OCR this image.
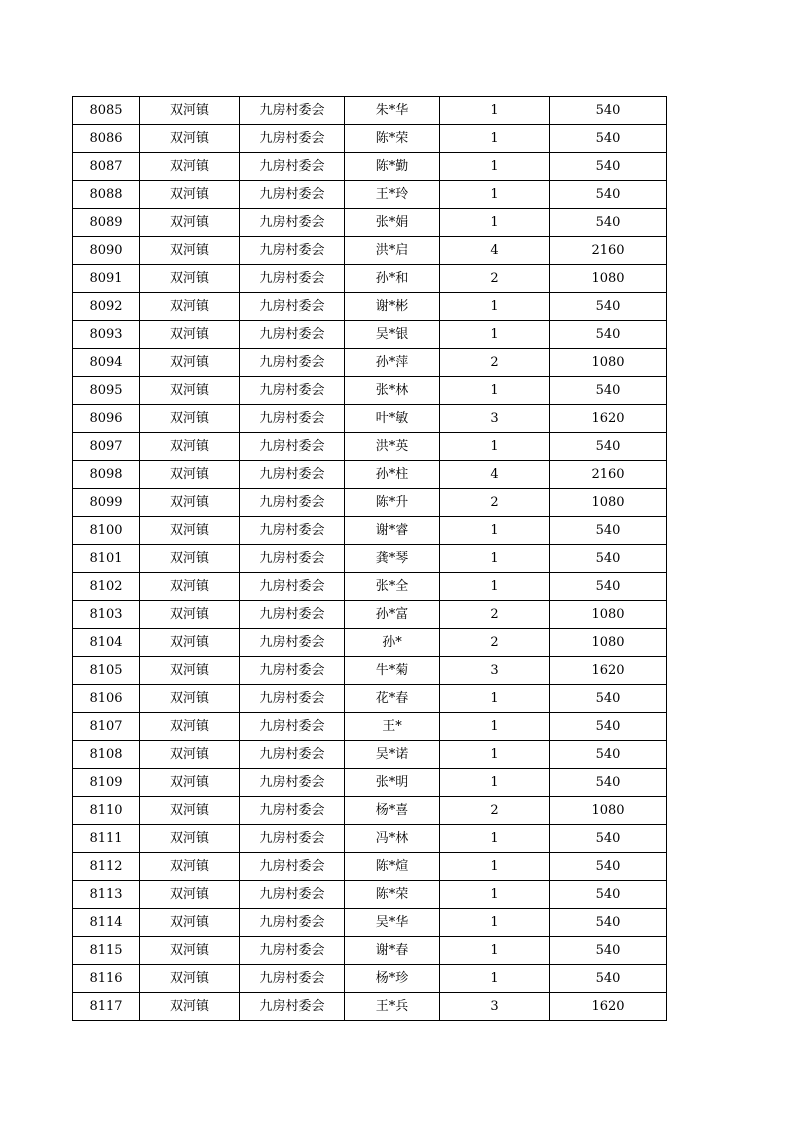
8085	双河镇	九房村委会	朱*华	1	540
8086	双河镇	九房村委会	陈*荣	1	540
8087	双河镇	九房村委会	陈*勤	1	540
8088	双河镇	九房村委会	王*玲	1	540
8089	双河镇	九房村委会	张*娟	1	540
8090	双河镇	九房村委会	洪*启	4	2160
8091	双河镇	九房村委会	孙*和	2	1080
8092	双河镇	九房村委会	谢*彬	1	540
8093	双河镇	九房村委会	吴*银	1	540
8094	双河镇	九房村委会	孙*萍	2	1080
8095	双河镇	九房村委会	张*林	1	540
8096	双河镇	九房村委会	叶*敏	3	1620
8097	双河镇	九房村委会	洪*英	1	540
8098	双河镇	九房村委会	孙*柱	4	2160
8099	双河镇	九房村委会	陈*升	2	1080
8100	双河镇	九房村委会	谢*睿	1	540
8101	双河镇	九房村委会	龚*琴	1	540
8102	双河镇	九房村委会	张*全	1	540
8103	双河镇	九房村委会	孙*富	2	1080
8104	双河镇	九房村委会	孙*	2	1080
8105	双河镇	九房村委会	牛*菊	3	1620
8106	双河镇	九房村委会	花*春	1	540
8107	双河镇	九房村委会	王*	1	540
8108	双河镇	九房村委会	吴*诺	1	540
8109	双河镇	九房村委会	张*明	1	540
8110	双河镇	九房村委会	杨*喜	2	1080
8111	双河镇	九房村委会	冯*林	1	540
8112	双河镇	九房村委会	陈*煊	1	540
8113	双河镇	九房村委会	陈*荣	1	540
8114	双河镇	九房村委会	吴*华	1	540
8115	双河镇	九房村委会	谢*春	1	540
8116	双河镇	九房村委会	杨*珍	1	540
8117	双河镇	九房村委会	王*兵	3	1620
